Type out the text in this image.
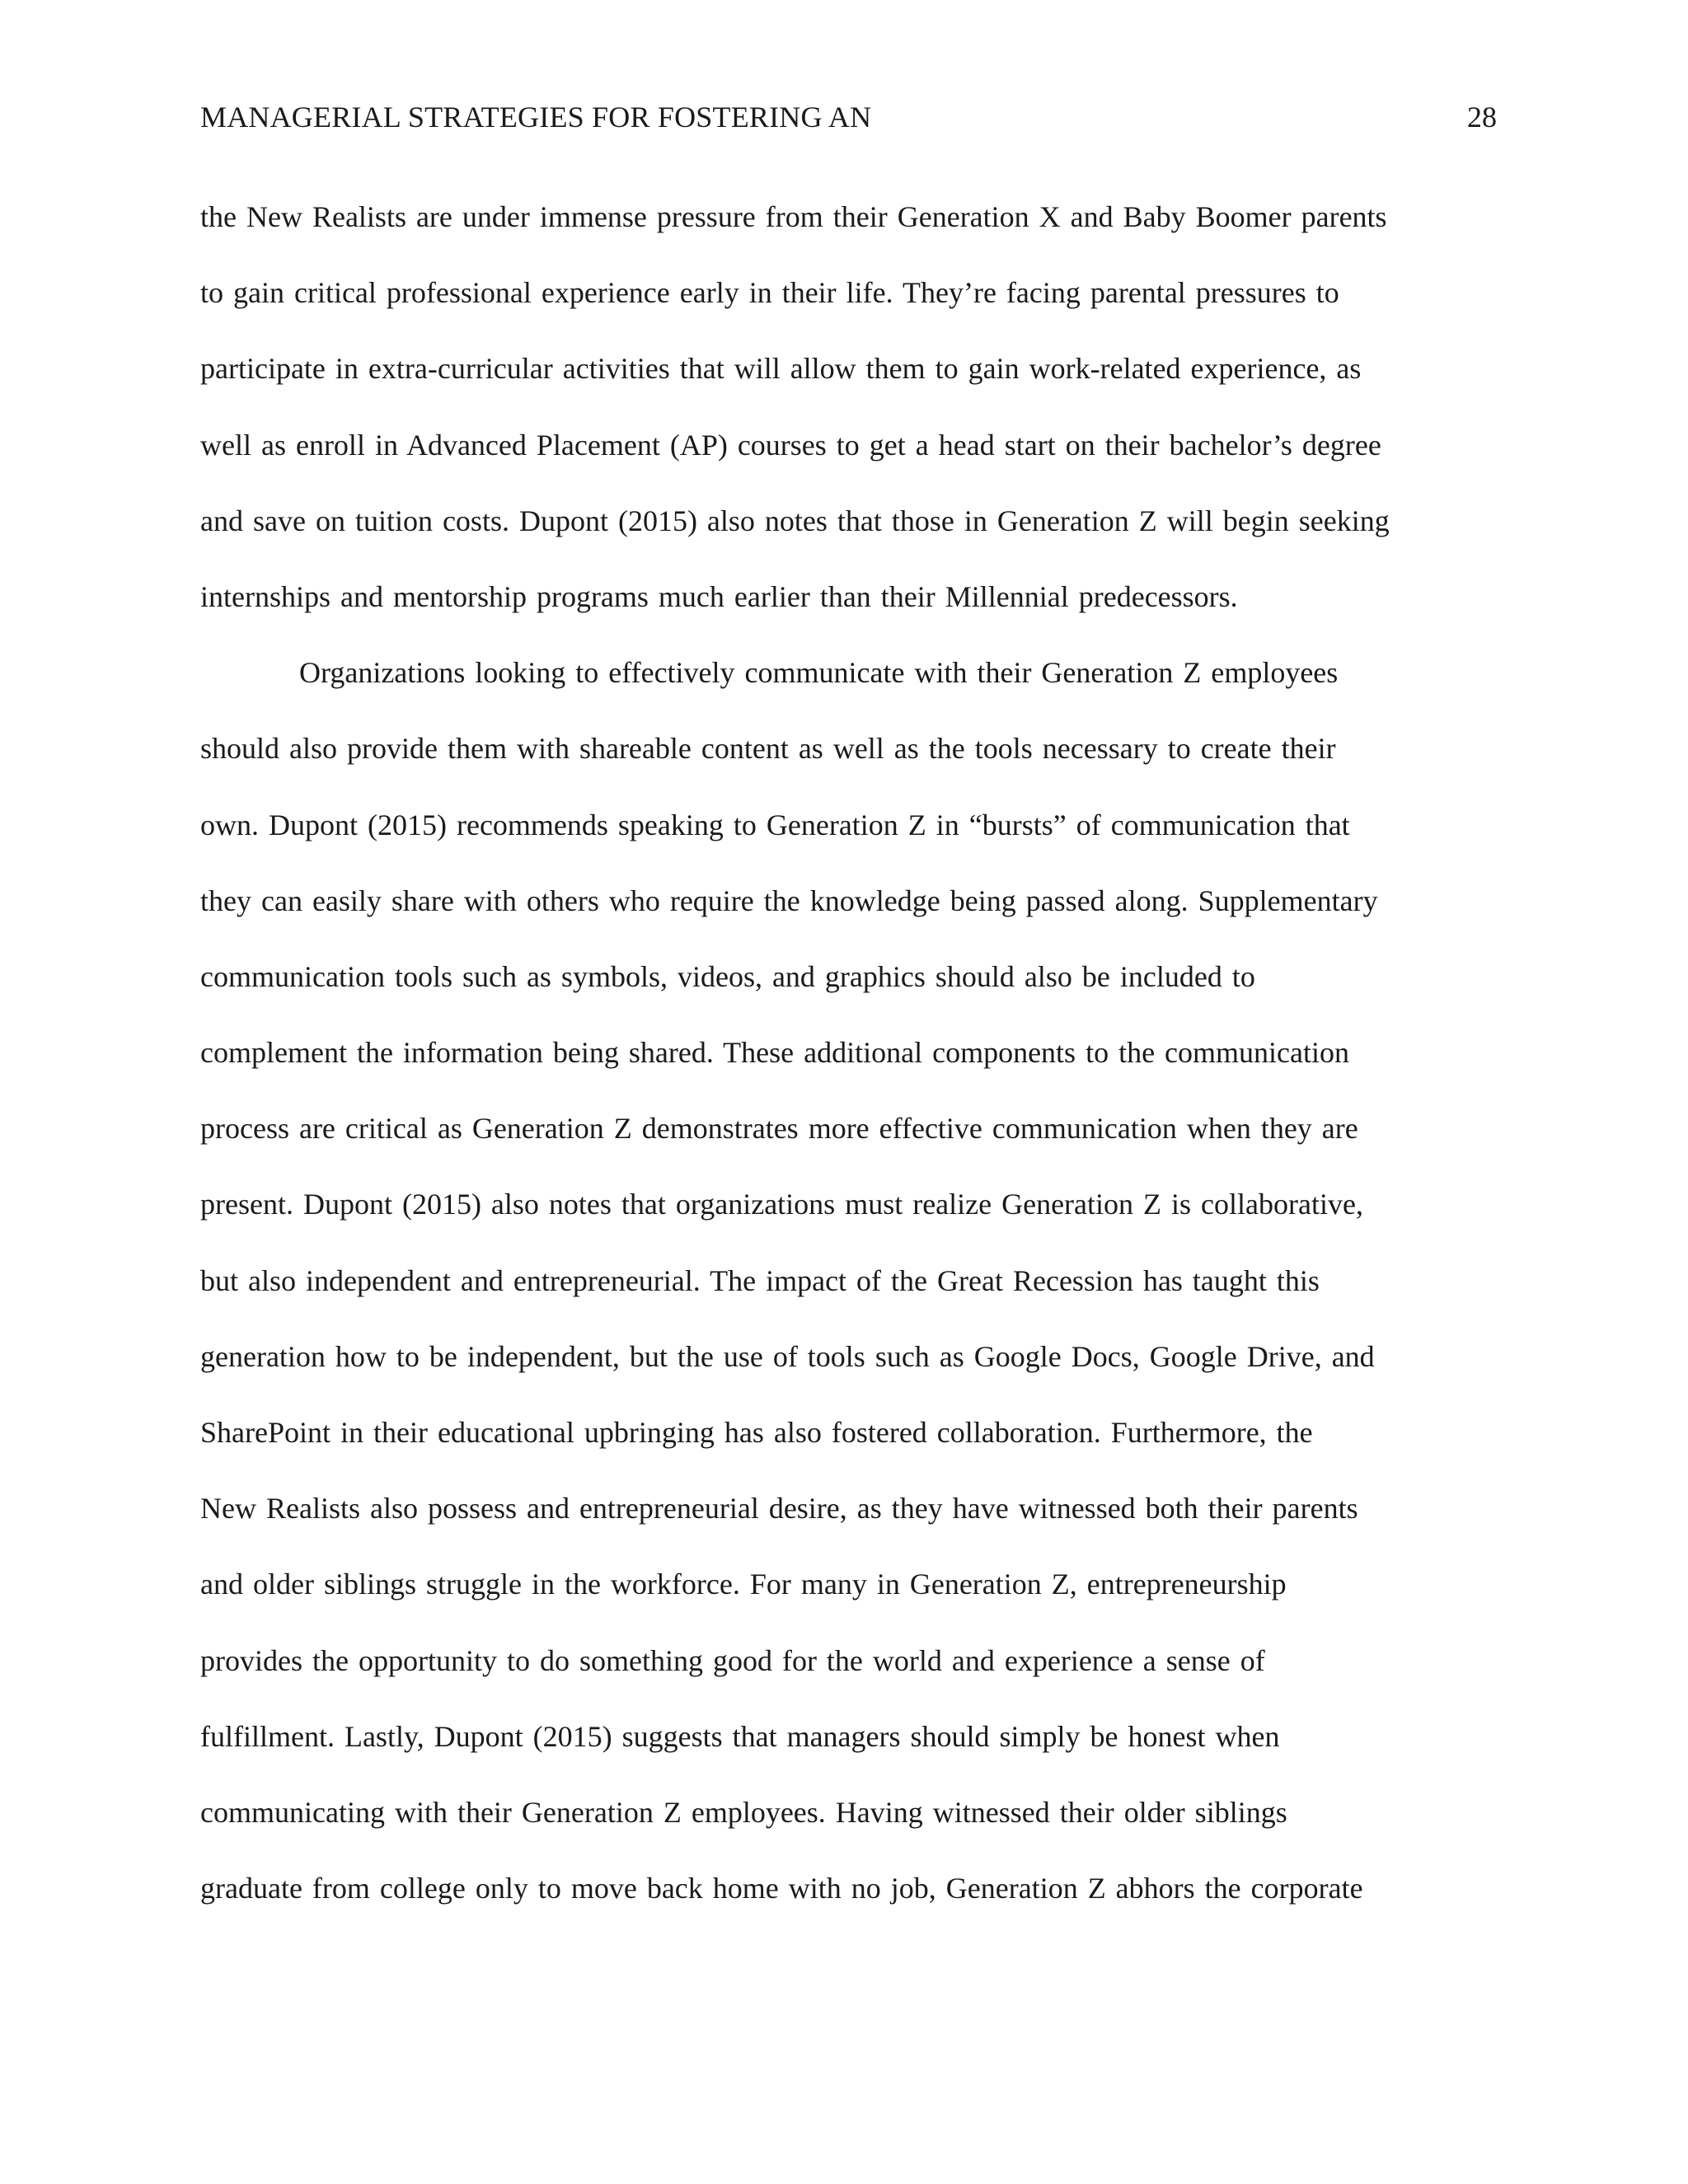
MANAGERIAL STRATEGIES FOR FOSTERING AN	28
the New Realists are under immense pressure from their Generation X and Baby Boomer parents
to gain critical professional experience early in their life. They’re facing parental pressures to
participate in extra-curricular activities that will allow them to gain work-related experience, as
well as enroll in Advanced Placement (AP) courses to get a head start on their bachelor’s degree
and save on tuition costs. Dupont (2015) also notes that those in Generation Z will begin seeking
internships and mentorship programs much earlier than their Millennial predecessors.
Organizations looking to effectively communicate with their Generation Z employees
should also provide them with shareable content as well as the tools necessary to create their
own. Dupont (2015) recommends speaking to Generation Z in “bursts” of communication that
they can easily share with others who require the knowledge being passed along. Supplementary
communication tools such as symbols, videos, and graphics should also be included to
complement the information being shared. These additional components to the communication
process are critical as Generation Z demonstrates more effective communication when they are
present. Dupont (2015) also notes that organizations must realize Generation Z is collaborative,
but also independent and entrepreneurial. The impact of the Great Recession has taught this
generation how to be independent, but the use of tools such as Google Docs, Google Drive, and
SharePoint in their educational upbringing has also fostered collaboration. Furthermore, the
New Realists also possess and entrepreneurial desire, as they have witnessed both their parents
and older siblings struggle in the workforce. For many in Generation Z, entrepreneurship
provides the opportunity to do something good for the world and experience a sense of
fulfillment. Lastly, Dupont (2015) suggests that managers should simply be honest when
communicating with their Generation Z employees. Having witnessed their older siblings
graduate from college only to move back home with no job, Generation Z abhors the corporate
